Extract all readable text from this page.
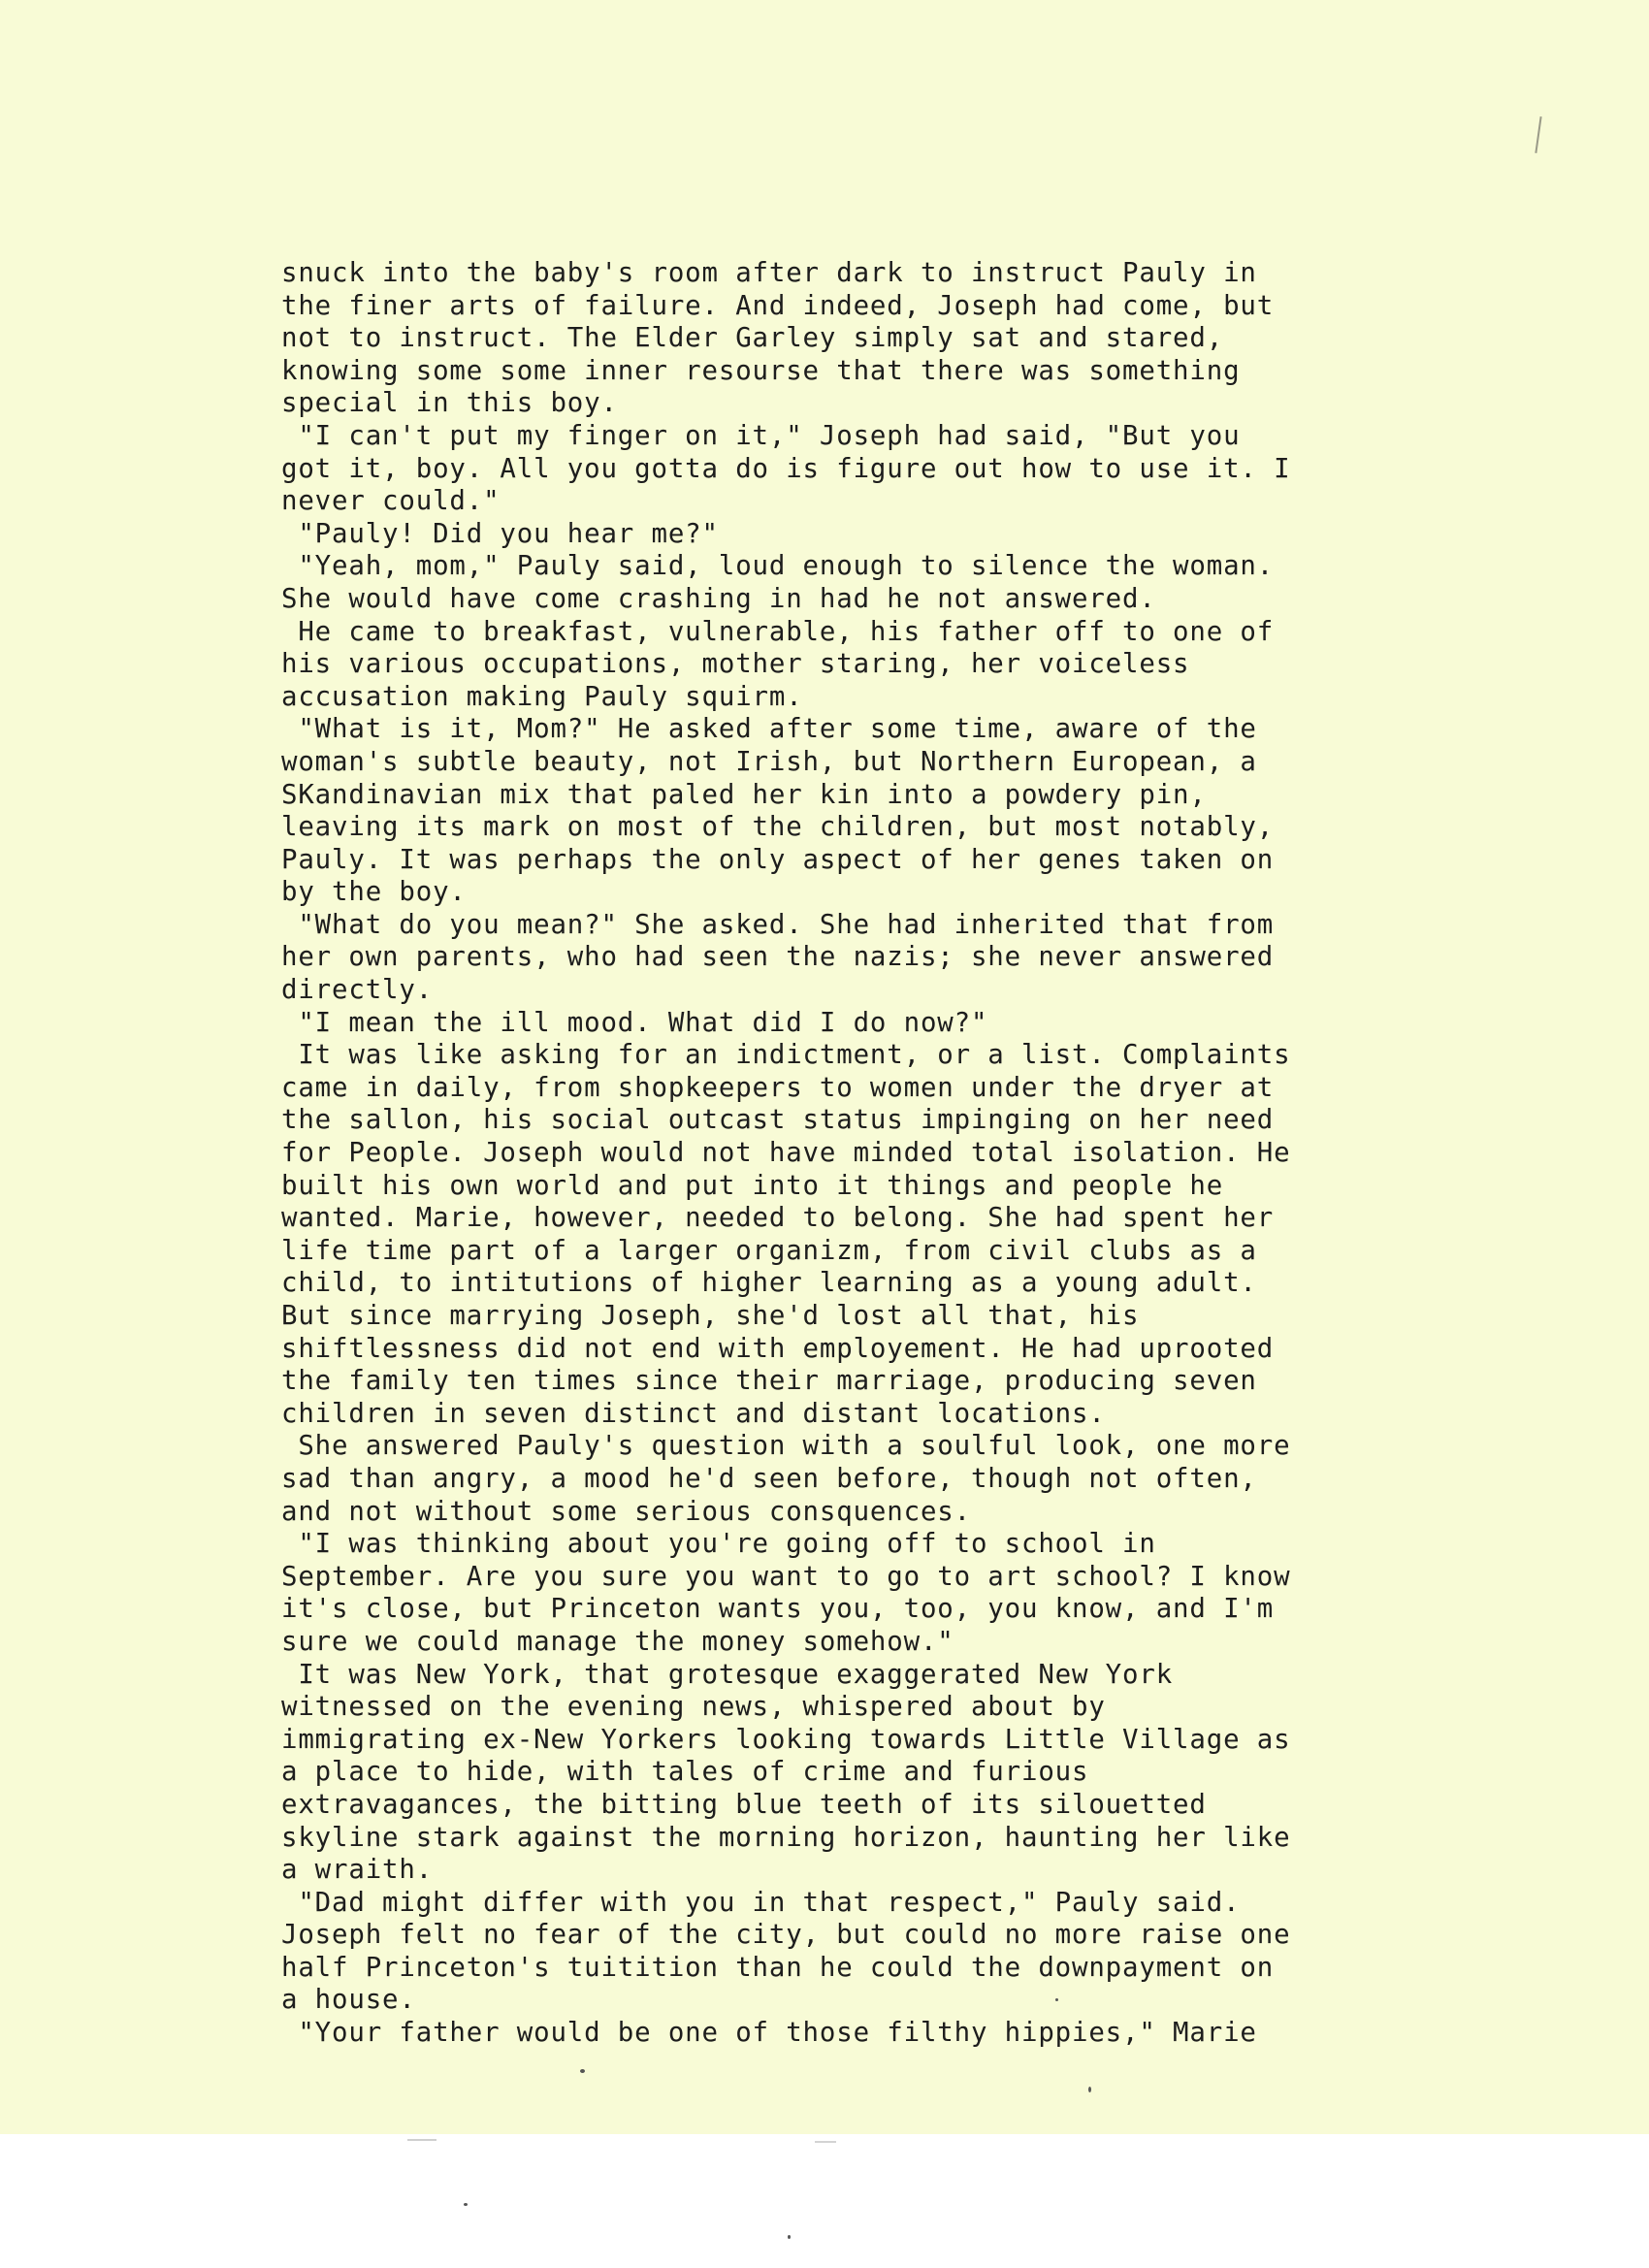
snuck into the baby's room after dark to instruct Pauly in
the finer arts of failure. And indeed, Joseph had come, but
not to instruct. The Elder Garley simply sat and stared,
knowing some some inner resourse that there was something
special in this boy.
"I can't put my finger on it," Joseph had said, "But you
got it, boy. All you gotta do is figure out how to use it. I
never could."
"Pauly! Did you hear me?"
"Yeah, mom," Pauly said, loud enough to silence the woman.
She would have come crashing in had he not answered.
He came to breakfast, vulnerable, his father off to one of
his various occupations, mother staring, her voiceless
accusation making Pauly squirm.
"What is it, Mom?" He asked after some time, aware of the
woman's subtle beauty, not Irish, but Northern European, a
SKandinavian mix that paled her kin into a powdery pin,
leaving its mark on most of the children, but most notably,
Pauly. It was perhaps the only aspect of her genes taken on
by the boy.
"What do you mean?" She asked. She had inherited that from
her own parents, who had seen the nazis; she never answered
directly.
"I mean the ill mood. What did I do now?"
It was like asking for an indictment, or a list. Complaints
came in daily, from shopkeepers to women under the dryer at
the sallon, his social outcast status impinging on her need
for People. Joseph would not have minded total isolation. He
built his own world and put into it things and people he
wanted. Marie, however, needed to belong. She had spent her
life time part of a larger organizm, from civil clubs as a
child, to intitutions of higher learning as a young adult.
But since marrying Joseph, she'd lost all that, his
shiftlessness did not end with employement. He had uprooted
the family ten times since their marriage, producing seven
children in seven distinct and distant locations.
She answered Pauly's question with a soulful look, one more
sad than angry, a mood he'd seen before, though not often,
and not without some serious consquences.
"I was thinking about you're going off to school in
September. Are you sure you want to go to art school? I know
it's close, but Princeton wants you, too, you know, and I'm
sure we could manage the money somehow."
It was New York, that grotesque exaggerated New York
witnessed on the evening news, whispered about by
immigrating ex-New Yorkers looking towards Little Village as
a place to hide, with tales of crime and furious
extravagances, the bitting blue teeth of its silouetted
skyline stark against the morning horizon, haunting her like
a wraith.
"Dad might differ with you in that respect," Pauly said.
Joseph felt no fear of the city, but could no more raise one
half Princeton's tuitition than he could the downpayment on
a house.
"Your father would be one of those filthy hippies," Marie
